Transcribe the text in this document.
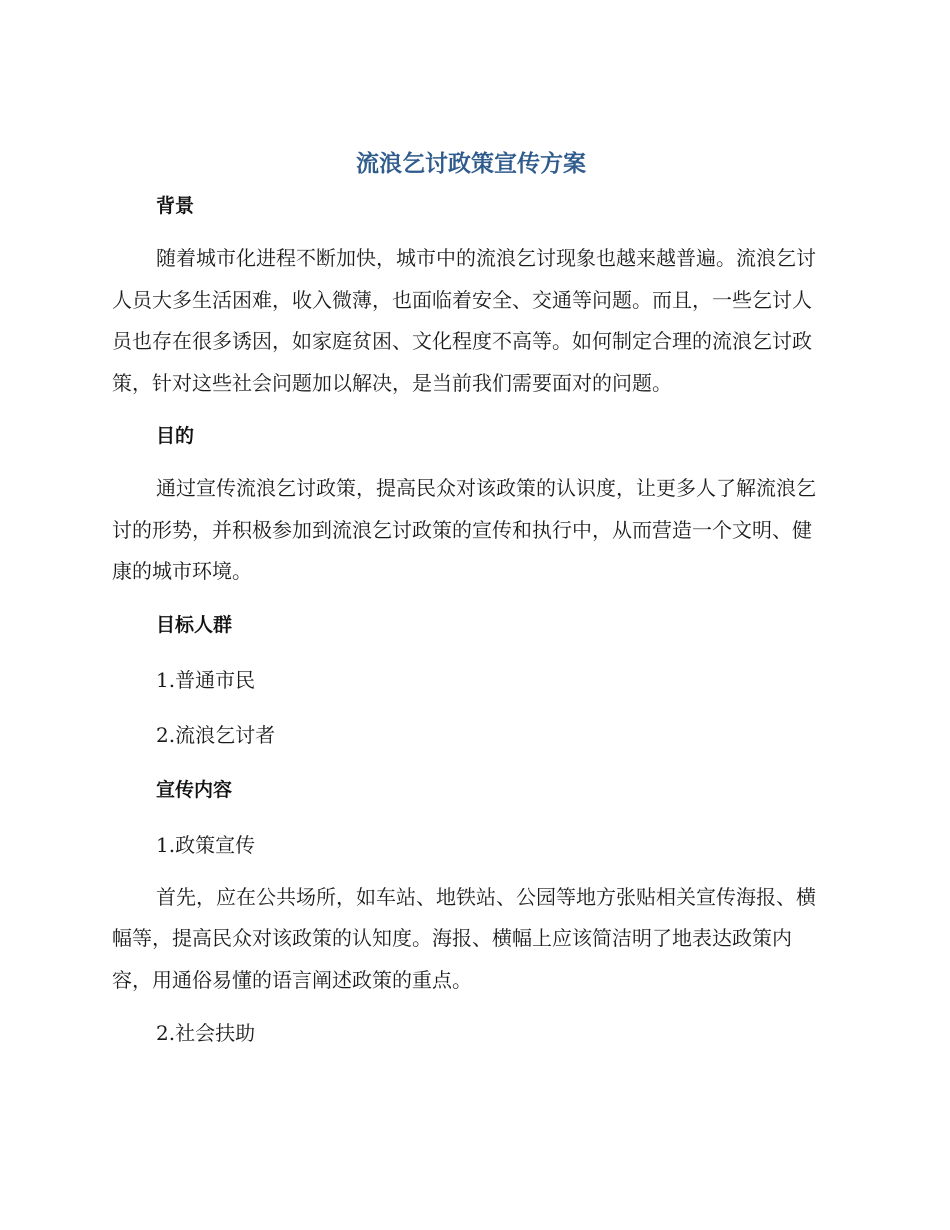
流浪乞讨政策宣传方案
背景

随着城市化进程不断加快，城市中的流浪乞讨现象也越来越普遍。流浪乞讨人员大多生活困难，收入微薄，也面临着安全、交通等问题。而且，一些乞讨人员也存在很多诱因，如家庭贫困、文化程度不高等。如何制定合理的流浪乞讨政策，针对这些社会问题加以解决，是当前我们需要面对的问题。

目的

通过宣传流浪乞讨政策，提高民众对该政策的认识度，让更多人了解流浪乞讨的形势，并积极参加到流浪乞讨政策的宣传和执行中，从而营造一个文明、健康的城市环境。

目标人群

1.普通市民

2.流浪乞讨者

宣传内容

1.政策宣传

首先，应在公共场所，如车站、地铁站、公园等地方张贴相关宣传海报、横幅等，提高民众对该政策的认知度。海报、横幅上应该简洁明了地表达政策内容，用通俗易懂的语言阐述政策的重点。

2.社会扶助
